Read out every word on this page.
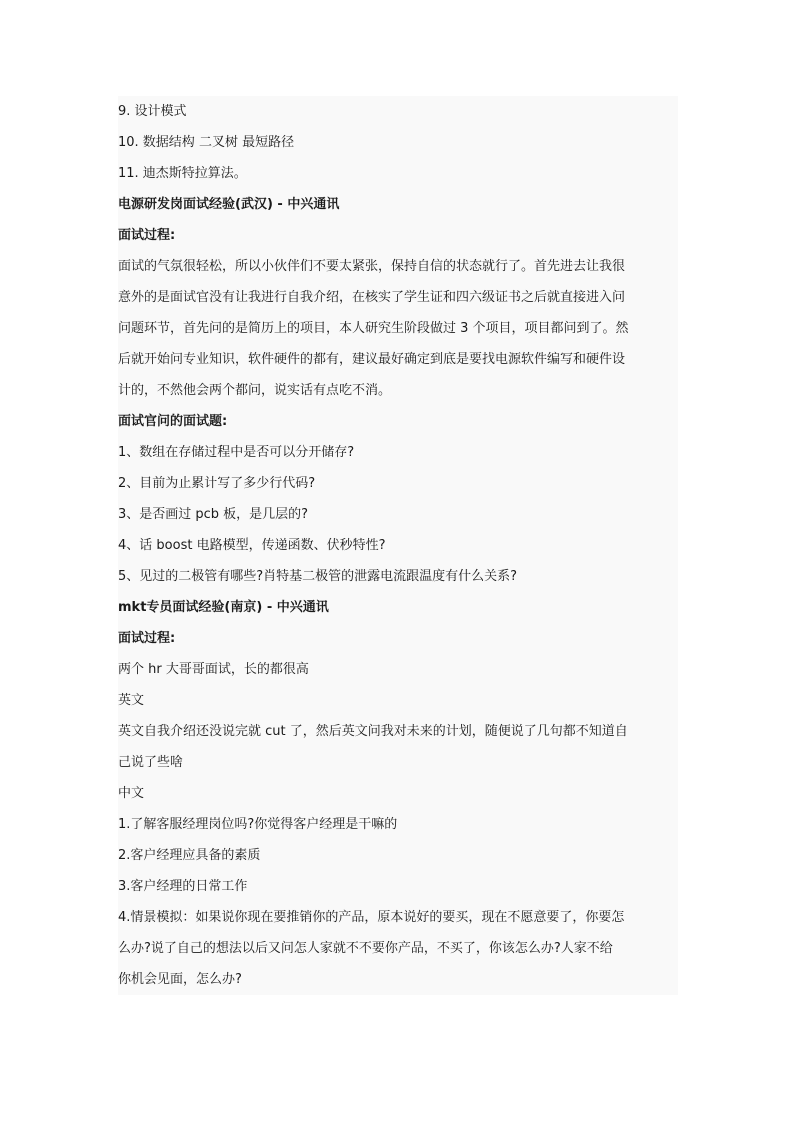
9. 设计模式

10. 数据结构 二叉树 最短路径

11. 迪杰斯特拉算法。

电源研发岗面试经验(武汉) - 中兴通讯

面试过程:

面试的气氛很轻松，所以小伙伴们不要太紧张，保持自信的状态就行了。首先进去让我很

意外的是面试官没有让我进行自我介绍，在核实了学生证和四六级证书之后就直接进入问

问题环节，首先问的是简历上的项目，本人研究生阶段做过 3 个项目，项目都问到了。然

后就开始问专业知识，软件硬件的都有，建议最好确定到底是要找电源软件编写和硬件设

计的，不然他会两个都问，说实话有点吃不消。

面试官问的面试题:

1、数组在存储过程中是否可以分开储存?

2、目前为止累计写了多少行代码?

3、是否画过 pcb 板，是几层的?

4、话 boost 电路模型，传递函数、伏秒特性?

5、见过的二极管有哪些?肖特基二极管的泄露电流跟温度有什么关系?

mkt专员面试经验(南京) - 中兴通讯

面试过程:

两个 hr 大哥哥面试，长的都很高

英文

英文自我介绍还没说完就 cut 了，然后英文问我对未来的计划，随便说了几句都不知道自

己说了些啥

中文

1.了解客服经理岗位吗?你觉得客户经理是干嘛的

2.客户经理应具备的素质

3.客户经理的日常工作

4.情景模拟：如果说你现在要推销你的产品，原本说好的要买，现在不愿意要了，你要怎

么办?说了自己的想法以后又问怎人家就不不要你产品，不买了，你该怎么办?人家不给

你机会见面，怎么办?
